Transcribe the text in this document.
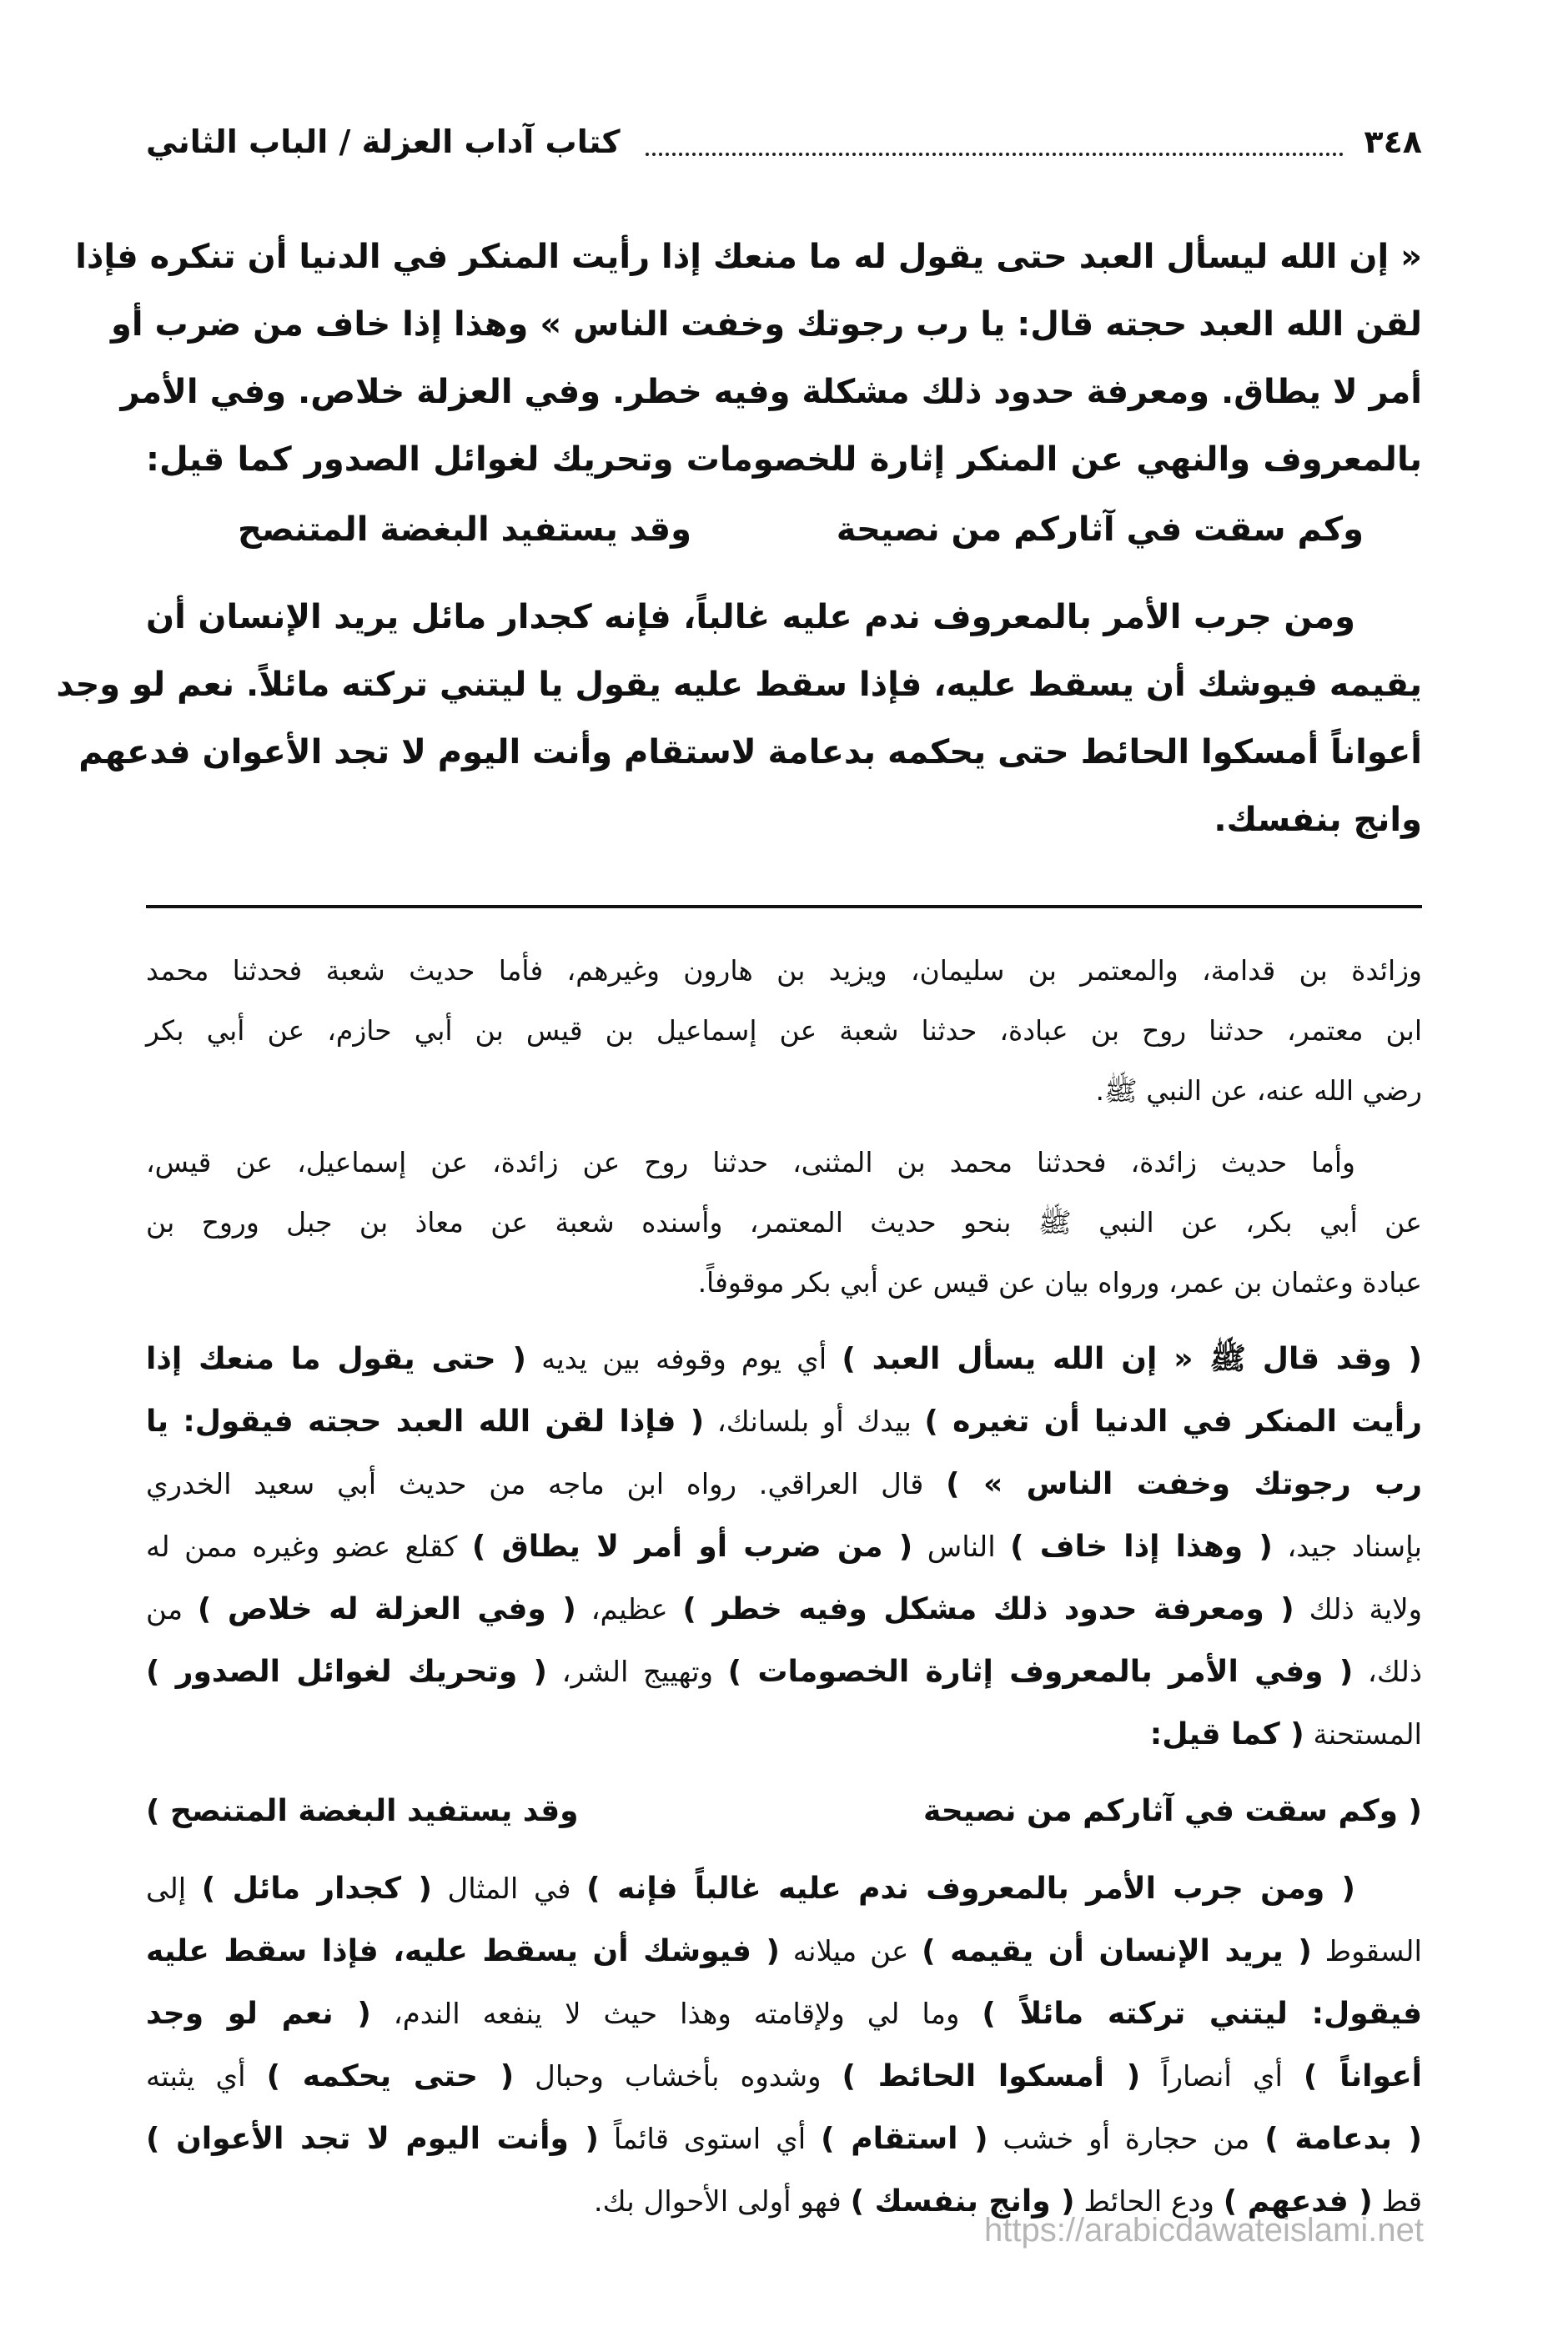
٣٤٨
كتاب آداب العزلة / الباب الثاني
« إن الله ليسأل العبد حتى يقول له ما منعك إذا رأيت المنكر في الدنيا أن تنكره فإذا
لقن الله العبد حجته قال: يا رب رجوتك وخفت الناس » وهذا إذا خاف من ضرب أو
أمر لا يطاق. ومعرفة حدود ذلك مشكلة وفيه خطر. وفي العزلة خلاص. وفي الأمر
بالمعروف والنهي عن المنكر إثارة للخصومات وتحريك لغوائل الصدور كما قيل:
وكم سقت في آثاركم من نصيحة
وقد يستفيد البغضة المتنصح
ومن جرب الأمر بالمعروف ندم عليه غالباً، فإنه كجدار مائل يريد الإنسان أن
يقيمه فيوشك أن يسقط عليه، فإذا سقط عليه يقول يا ليتني تركته مائلاً. نعم لو وجد
أعواناً أمسكوا الحائط حتى يحكمه بدعامة لاستقام وأنت اليوم لا تجد الأعوان فدعهم
وانج بنفسك.
وزائدة بن قدامة، والمعتمر بن سليمان، ويزيد بن هارون وغيرهم، فأما حديث شعبة فحدثنا محمد
ابن معتمر، حدثنا روح بن عبادة، حدثنا شعبة عن إسماعيل بن قيس بن أبي حازم، عن أبي بكر
رضي الله عنه، عن النبي ﷺ.
وأما حديث زائدة، فحدثنا محمد بن المثنى، حدثنا روح عن زائدة، عن إسماعيل، عن قيس،
عن أبي بكر، عن النبي ﷺ بنحو حديث المعتمر، وأسنده شعبة عن معاذ بن جبل وروح بن
عبادة وعثمان بن عمر، ورواه بيان عن قيس عن أبي بكر موقوفاً.
( وقد قال ﷺ « إن الله يسأل العبد ) أي يوم وقوفه بين يديه ( حتى يقول ما منعك إذا
رأيت المنكر في الدنيا أن تغيره ) بيدك أو بلسانك، ( فإذا لقن الله العبد حجته فيقول: يا
رب رجوتك وخفت الناس » ) قال العراقي. رواه ابن ماجه من حديث أبي سعيد الخدري
بإسناد جيد، ( وهذا إذا خاف ) الناس ( من ضرب أو أمر لا يطاق ) كقلع عضو وغيره ممن له
ولاية ذلك ( ومعرفة حدود ذلك مشكل وفيه خطر ) عظيم، ( وفي العزلة له خلاص ) من
ذلك، ( وفي الأمر بالمعروف إثارة الخصومات ) وتهييج الشر، ( وتحريك لغوائل الصدور )
المستحنة ( كما قيل:
( وكم سقت في آثاركم من نصيحة
وقد يستفيد البغضة المتنصح )
( ومن جرب الأمر بالمعروف ندم عليه غالباً فإنه ) في المثال ( كجدار مائل ) إلى
السقوط ( يريد الإنسان أن يقيمه ) عن ميلانه ( فيوشك أن يسقط عليه، فإذا سقط عليه
فيقول: ليتني تركته مائلاً ) وما لي ولإقامته وهذا حيث لا ينفعه الندم، ( نعم لو وجد
أعواناً ) أي أنصاراً ( أمسكوا الحائط ) وشدوه بأخشاب وحبال ( حتى يحكمه ) أي يثبته
( بدعامة ) من حجارة أو خشب ( استقام ) أي استوى قائماً ( وأنت اليوم لا تجد الأعوان )
قط ( فدعهم ) ودع الحائط ( وانج بنفسك ) فهو أولى الأحوال بك.
https://arabicdawateislami.net
